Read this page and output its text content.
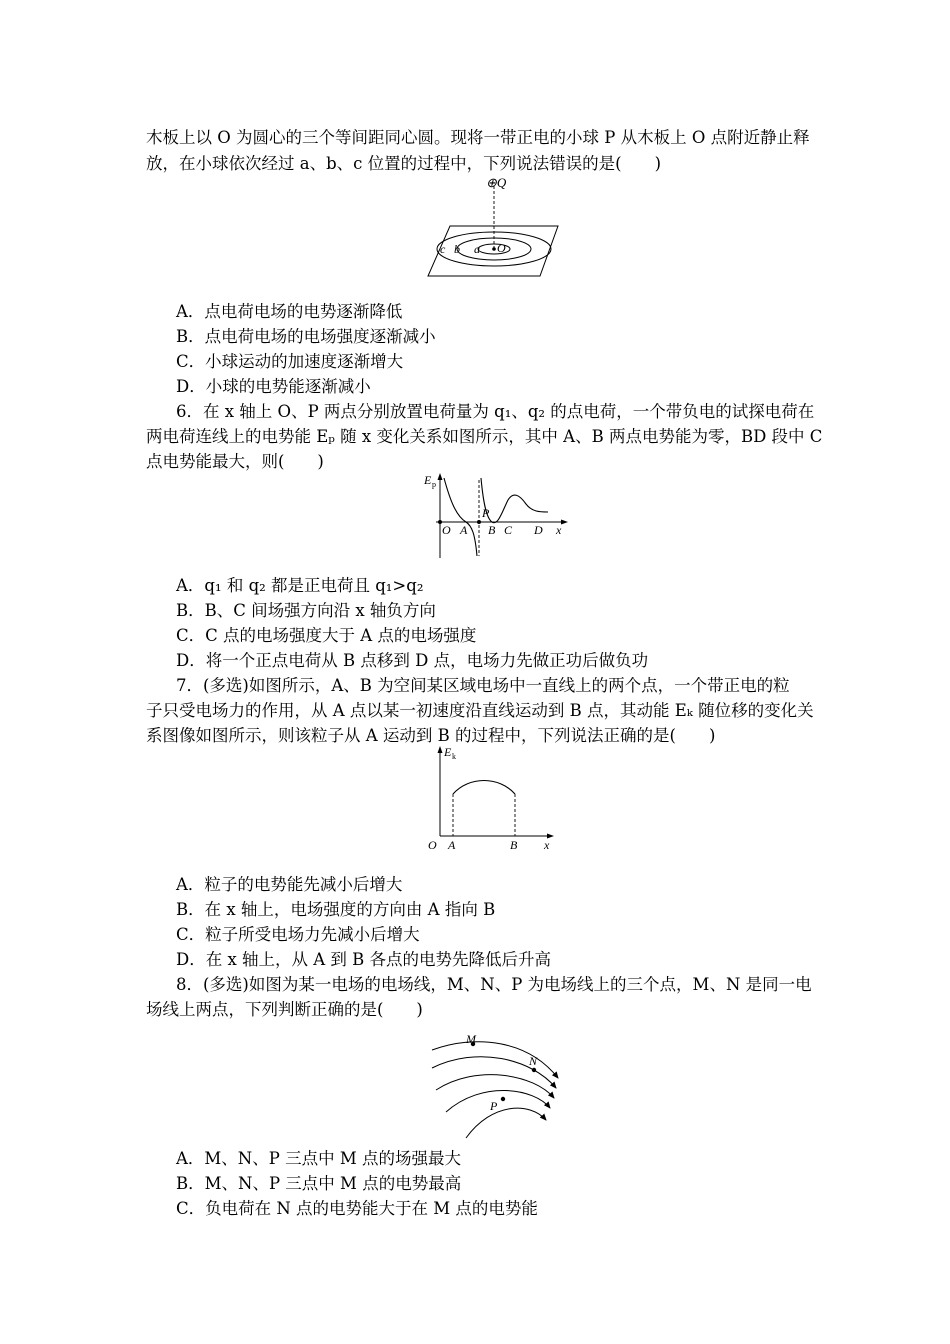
木板上以 O 为圆心的三个等间距同心圆。现将一带正电的小球 P 从木板上 O 点附近静止释
放，在小球依次经过 a、b、c 位置的过程中，下列说法错误的是(　　)
⊕Q
c b a O
A．点电荷电场的电势逐渐降低
B．点电荷电场的电场强度逐渐减小
C．小球运动的加速度逐渐增大
D．小球的电势能逐渐减小
6．在 x 轴上 O、P 两点分别放置电荷量为 q₁、q₂ 的点电荷，一个带负电的试探电荷在
两电荷连线上的电势能 Eₚ 随 x 变化关系如图所示，其中 A、B 两点电势能为零，BD 段中 C
点电势能最大，则(　　)
E p
O A
P
B C D x
A．q₁ 和 q₂ 都是正电荷且 q₁>q₂
B．B、C 间场强方向沿 x 轴负方向
C．C 点的电场强度大于 A 点的电场强度
D．将一个正点电荷从 B 点移到 D 点，电场力先做正功后做负功
7．(多选)如图所示，A、B 为空间某区域电场中一直线上的两个点，一个带正电的粒
子只受电场力的作用，从 A 点以某一初速度沿直线运动到 B 点，其动能 Eₖ 随位移的变化关
系图像如图所示，则该粒子从 A 运动到 B 的过程中，下列说法正确的是(　　)
E k
O A	B x
A．粒子的电势能先减小后增大
B．在 x 轴上，电场强度的方向由 A 指向 B
C．粒子所受电场力先减小后增大
D．在 x 轴上，从 A 到 B 各点的电势先降低后升高
8．(多选)如图为某一电场的电场线，M、N、P 为电场线上的三个点，M、N 是同一电
场线上两点，下列判断正确的是(　　)
M
N
P
A．M、N、P 三点中 M 点的场强最大
B．M、N、P 三点中 M 点的电势最高
C．负电荷在 N 点的电势能大于在 M 点的电势能
